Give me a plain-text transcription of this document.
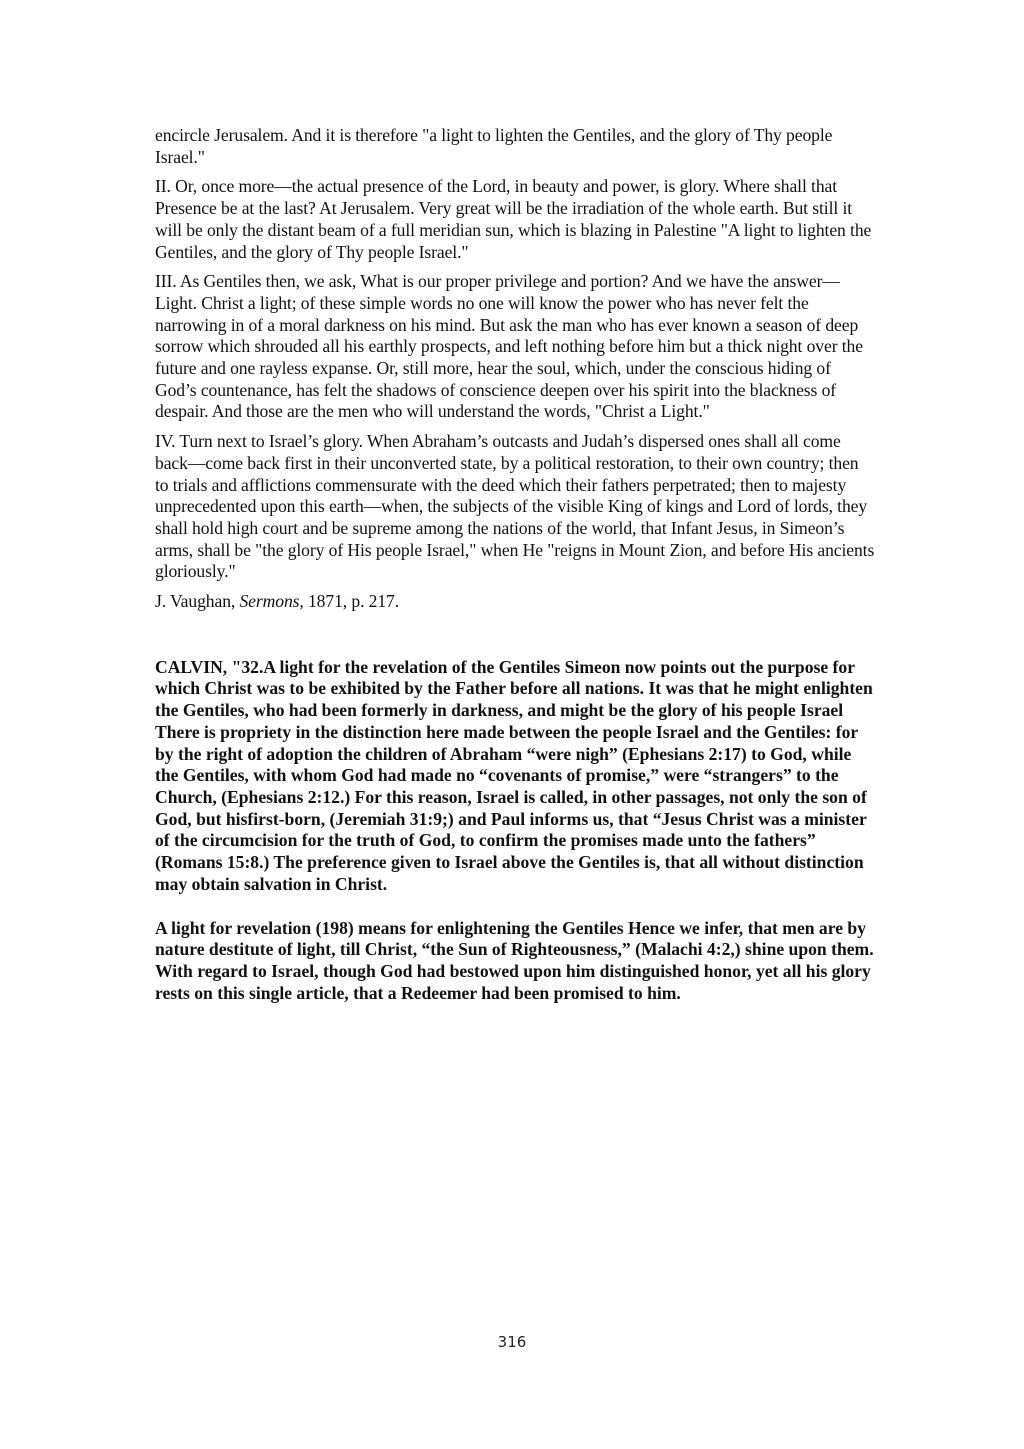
encircle Jerusalem. And it is therefore "a light to lighten the Gentiles, and the glory of Thy people Israel."

II. Or, once more—the actual presence of the Lord, in beauty and power, is glory. Where shall that Presence be at the last? At Jerusalem. Very great will be the irradiation of the whole earth. But still it will be only the distant beam of a full meridian sun, which is blazing in Palestine "A light to lighten the Gentiles, and the glory of Thy people Israel."

III. As Gentiles then, we ask, What is our proper privilege and portion? And we have the answer—Light. Christ a light; of these simple words no one will know the power who has never felt the narrowing in of a moral darkness on his mind. But ask the man who has ever known a season of deep sorrow which shrouded all his earthly prospects, and left nothing before him but a thick night over the future and one rayless expanse. Or, still more, hear the soul, which, under the conscious hiding of God’s countenance, has felt the shadows of conscience deepen over his spirit into the blackness of despair. And those are the men who will understand the words, "Christ a Light."

IV. Turn next to Israel’s glory. When Abraham’s outcasts and Judah’s dispersed ones shall all come back—come back first in their unconverted state, by a political restoration, to their own country; then to trials and afflictions commensurate with the deed which their fathers perpetrated; then to majesty unprecedented upon this earth—when, the subjects of the visible King of kings and Lord of lords, they shall hold high court and be supreme among the nations of the world, that Infant Jesus, in Simeon’s arms, shall be "the glory of His people Israel," when He "reigns in Mount Zion, and before His ancients gloriously."

J. Vaughan, Sermons, 1871, p. 217.

CALVIN, "32.A light for the revelation of the Gentiles Simeon now points out the purpose for which Christ was to be exhibited by the Father before all nations. It was that he might enlighten the Gentiles, who had been formerly in darkness, and might be the glory of his people Israel There is propriety in the distinction here made between the people Israel and the Gentiles: for by the right of adoption the children of Abraham “were nigh” (Ephesians 2:17) to God, while the Gentiles, with whom God had made no “covenants of promise,” were “strangers” to the Church, (Ephesians 2:12.) For this reason, Israel is called, in other passages, not only the son of God, but hisfirst-born, (Jeremiah 31:9;) and Paul informs us, that “Jesus Christ was a minister of the circumcision for the truth of God, to confirm the promises made unto the fathers” (Romans 15:8.) The preference given to Israel above the Gentiles is, that all without distinction may obtain salvation in Christ.

A light for revelation (198) means for enlightening the Gentiles Hence we infer, that men are by nature destitute of light, till Christ, “the Sun of Righteousness,” (Malachi 4:2,) shine upon them. With regard to Israel, though God had bestowed upon him distinguished honor, yet all his glory rests on this single article, that a Redeemer had been promised to him.

316
